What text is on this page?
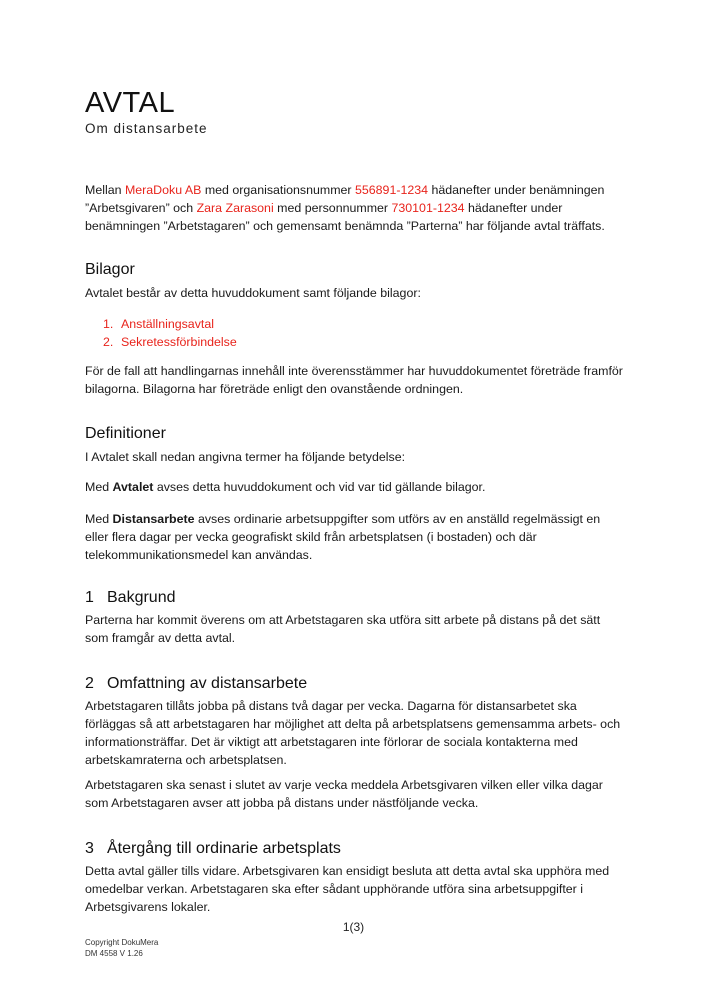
AVTAL
Om distansarbete
Mellan MeraDoku AB med organisationsnummer 556891-1234 hädanefter under benämningen ”Arbetsgivaren” och Zara Zarasoni med personnummer 730101-1234 hädanefter under benämningen ”Arbetstagaren” och gemensamt benämnda ”Parterna” har följande avtal träffats.
Bilagor
Avtalet består av detta huvuddokument samt följande bilagor:
1. Anställningsavtal
2. Sekretessförbindelse
För de fall att handlingarnas innehåll inte överensstämmer har huvuddokumentet företräde framför bilagorna. Bilagorna har företräde enligt den ovanstående ordningen.
Definitioner
I Avtalet skall nedan angivna termer ha följande betydelse:
Med Avtalet avses detta huvuddokument och vid var tid gällande bilagor.
Med Distansarbete avses ordinarie arbetsuppgifter som utförs av en anställd regelmässigt en eller flera dagar per vecka geografiskt skild från arbetsplatsen (i bostaden) och där telekommunikationsmedel kan användas.
1 Bakgrund
Parterna har kommit överens om att Arbetstagaren ska utföra sitt arbete på distans på det sätt som framgår av detta avtal.
2 Omfattning av distansarbete
Arbetstagaren tillåts jobba på distans två dagar per vecka. Dagarna för distansarbetet ska förläggas så att arbetstagaren har möjlighet att delta på arbetsplatsens gemensamma arbets- och informationsträffar. Det är viktigt att arbetstagaren inte förlorar de sociala kontakterna med arbetskamraterna och arbetsplatsen.
Arbetstagaren ska senast i slutet av varje vecka meddela Arbetsgivaren vilken eller vilka dagar som Arbetstagaren avser att jobba på distans under nästföljande vecka.
3 Återgång till ordinarie arbetsplats
Detta avtal gäller tills vidare. Arbetsgivaren kan ensidigt besluta att detta avtal ska upphöra med omedelbar verkan. Arbetstagaren ska efter sådant upphörande utföra sina arbetsuppgifter i Arbetsgivarens lokaler.
1(3)
Copyright DokuMera
DM 4558 V 1.26
